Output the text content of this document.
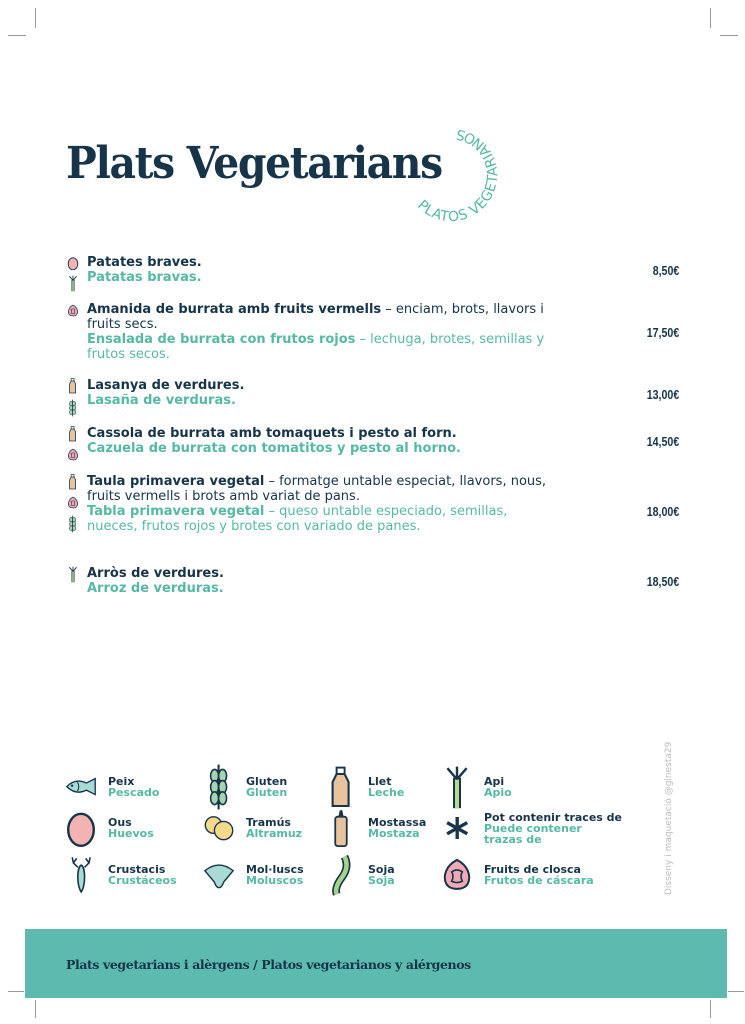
Plats Vegetarians
PLATOS VEGETARIANOS
Patates braves.
Patatas bravas.
Amanida de burrata amb fruits vermells – enciam, brots, llavors i fruits secs.
Ensalada de burrata con frutos rojos – lechuga, brotes, semillas y frutos secos.
Lasanya de verdures.
Lasaña de verduras.
Cassola de burrata amb tomaquets i pesto al forn.
Cazuela de burrata con tomatitos y pesto al horno.
Taula primavera vegetal – formatge untable especiat, llavors, nous, fruits vermells i brots amb variat de pans.
Tabla primavera vegetal – queso untable especiado, semillas, nueces, frutos rojos y brotes con variado de panes.
Arròs de verdures.
Arroz de verduras.
8,50€
17,50€
13,00€
14,50€
18,00€
18,50€
Peix
Pescado
Gluten
Gluten
Llet
Leche
Api
Apio
Ous
Huevos
Tramús
Altramuz
Mostassa
Mostaza
Pot contenir traces de
Puede contener trazas de
Crustacis
Crustáceos
Mol·luscs
Moluscos
Soja
Soja
Fruits de closca
Frutos de cáscara	Disseny i maquetació @ginesta29
Plats vegetarians i alèrgens / Platos vegetarianos y alérgenos
